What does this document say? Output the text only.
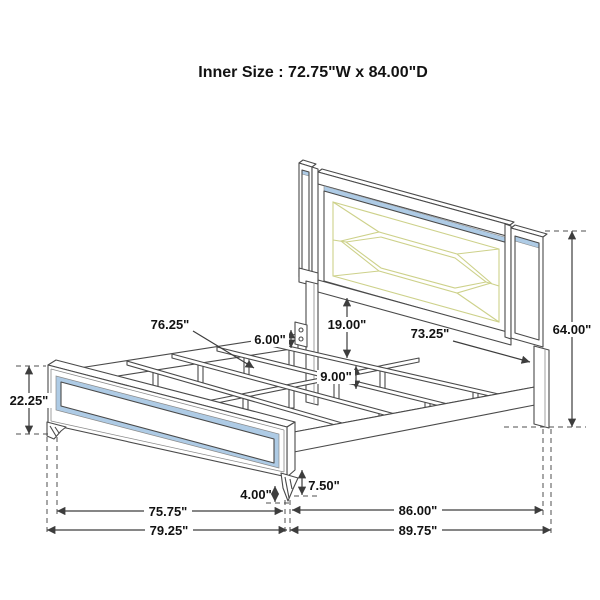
64.00"
22.25"
19.00"
9.00"
6.00"
4.00"
7.50"
76.25"
73.25"
75.75"
79.25"
86.00"
89.75"
Inner Size : 72.75"W x 84.00"D
